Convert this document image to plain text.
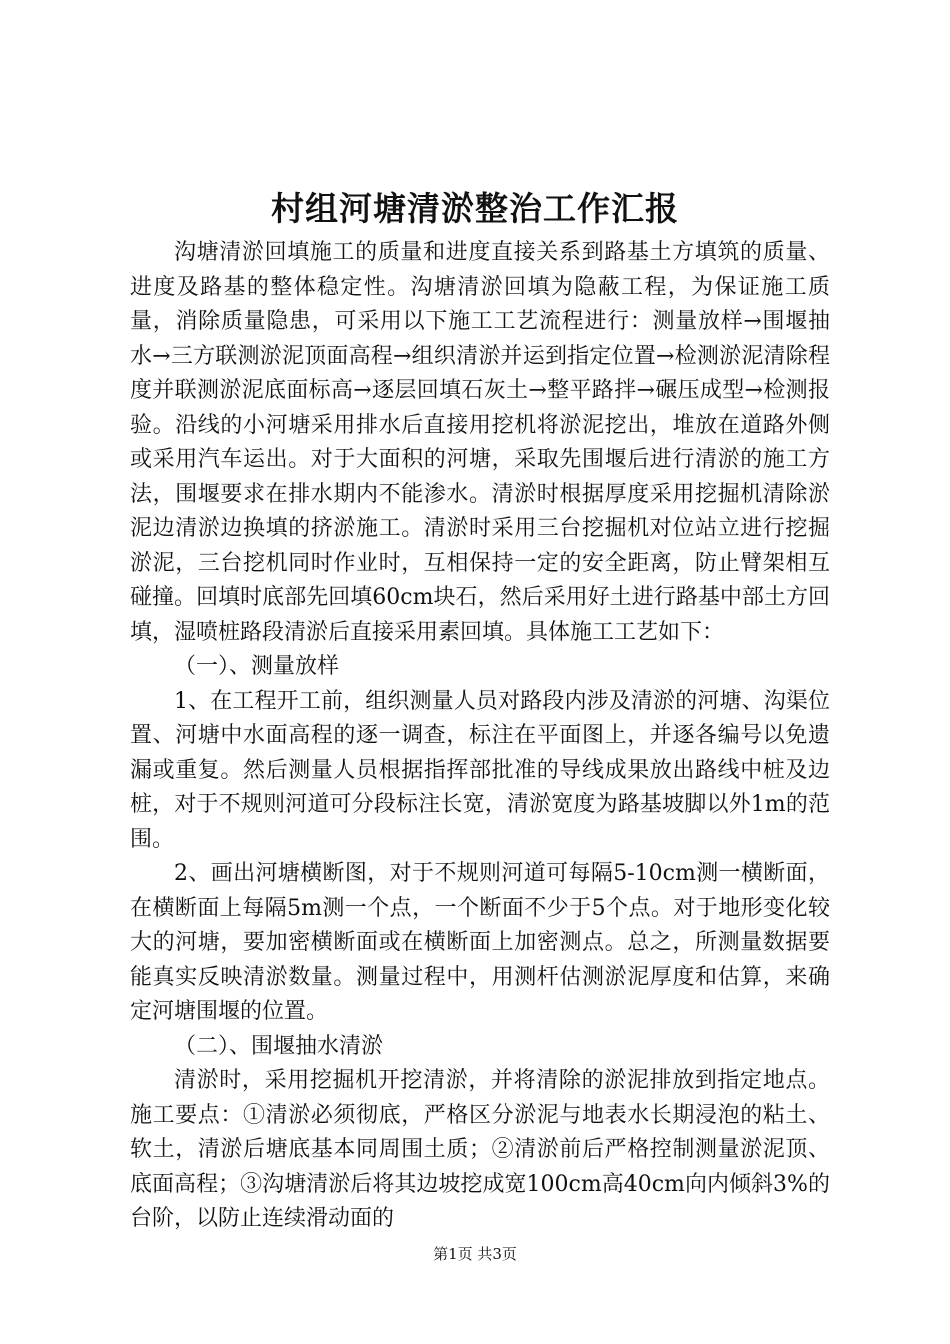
村组河塘清淤整治工作汇报

沟塘清淤回填施工的质量和进度直接关系到路基土方填筑的质量、进度及路基的整体稳定性。沟塘清淤回填为隐蔽工程，为保证施工质量，消除质量隐患，可采用以下施工工艺流程进行：测量放样→围堰抽水→三方联测淤泥顶面高程→组织清淤并运到指定位置→检测淤泥清除程度并联测淤泥底面标高→逐层回填石灰土→整平路拌→碾压成型→检测报验。沿线的小河塘采用排水后直接用挖机将淤泥挖出，堆放在道路外侧或采用汽车运出。对于大面积的河塘，采取先围堰后进行清淤的施工方法，围堰要求在排水期内不能渗水。清淤时根据厚度采用挖掘机清除淤泥边清淤边换填的挤淤施工。清淤时采用三台挖掘机对位站立进行挖掘淤泥，三台挖机同时作业时，互相保持一定的安全距离，防止臂架相互碰撞。回填时底部先回填60cm块石，然后采用好土进行路基中部土方回填，湿喷桩路段清淤后直接采用素回填。具体施工工艺如下：

（一）、测量放样

1、在工程开工前，组织测量人员对路段内涉及清淤的河塘、沟渠位置、河塘中水面高程的逐一调查，标注在平面图上，并逐各编号以免遗漏或重复。然后测量人员根据指挥部批准的导线成果放出路线中桩及边桩，对于不规则河道可分段标注长宽，清淤宽度为路基坡脚以外1m的范围。

2、画出河塘横断图，对于不规则河道可每隔5-10cm测一横断面，在横断面上每隔5m测一个点，一个断面不少于5个点。对于地形变化较大的河塘，要加密横断面或在横断面上加密测点。总之，所测量数据要能真实反映清淤数量。测量过程中，用测杆估测淤泥厚度和估算，来确定河塘围堰的位置。

（二）、围堰抽水清淤

清淤时，采用挖掘机开挖清淤，并将清除的淤泥排放到指定地点。施工要点：①清淤必须彻底，严格区分淤泥与地表水长期浸泡的粘土、软土，清淤后塘底基本同周围土质；②清淤前后严格控制测量淤泥顶、底面高程；③沟塘清淤后将其边坡挖成宽100cm高40cm向内倾斜3%的台阶，以防止连续滑动面的

第1页 共3页
